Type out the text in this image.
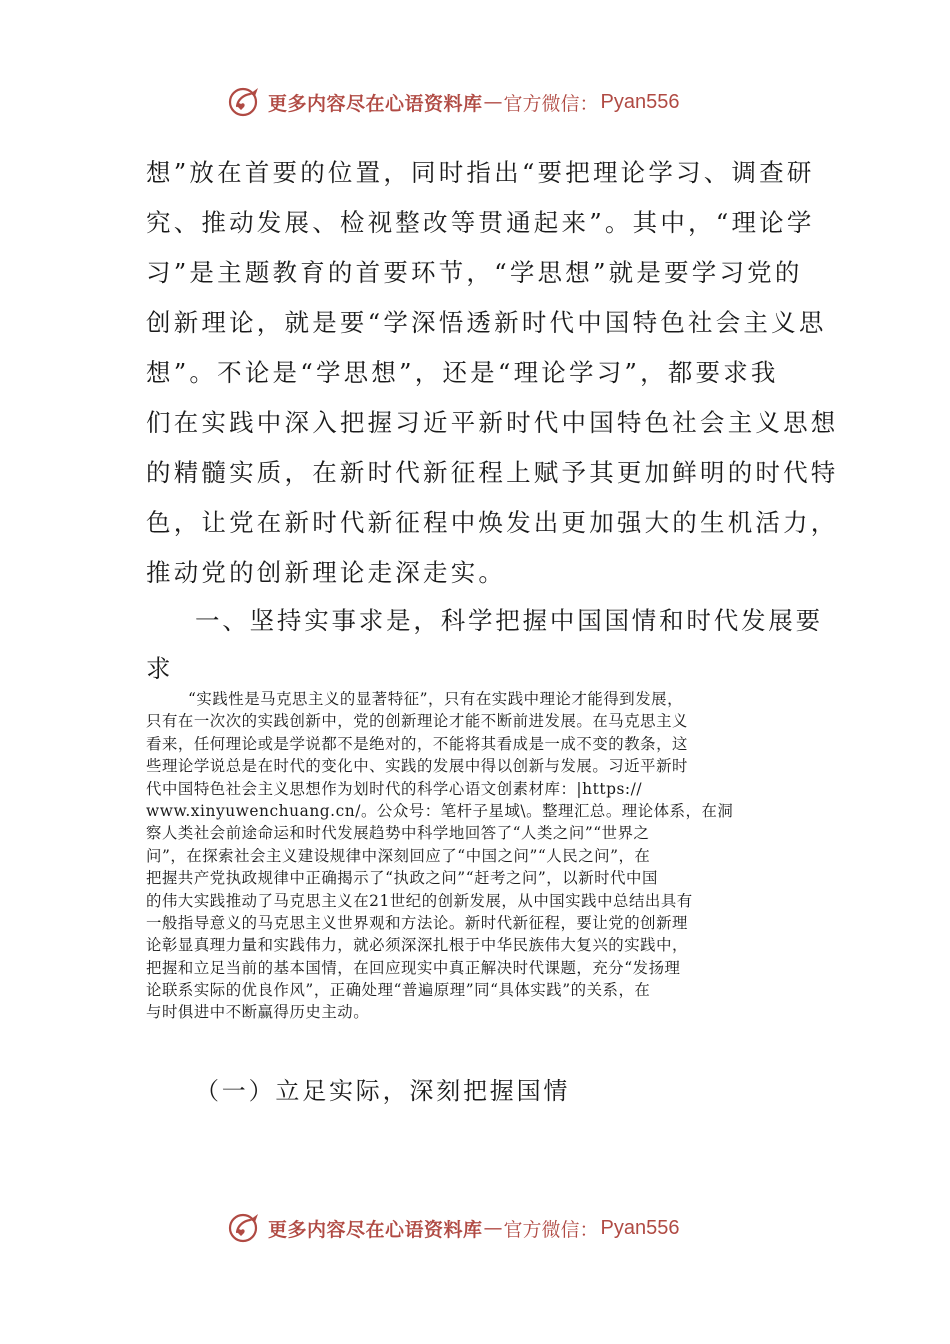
更多内容尽在心语资料库 — 官方微信： Pyan556
想”放在首要的位置，同时指出“要把理论学习、调查研
究、推动发展、检视整改等贯通起来”。其中，“理论学
习”是主题教育的首要环节，“学思想”就是要学习党的
创新理论，就是要“学深悟透新时代中国特色社会主义思
想”。不论是“学思想”，还是“理论学习”，都要求我
们在实践中深入把握习近平新时代中国特色社会主义思想
的精髓实质，在新时代新征程上赋予其更加鲜明的时代特
色，让党在新时代新征程中焕发出更加强大的生机活力，
推动党的创新理论走深走实。
一、坚持实事求是，科学把握中国国情和时代发展要
求
“实践性是马克思主义的显著特征”，只有在实践中理论才能得到发展，
只有在一次次的实践创新中，党的创新理论才能不断前进发展。在马克思主义
看来，任何理论或是学说都不是绝对的，不能将其看成是一成不变的教条，这
些理论学说总是在时代的变化中、实践的发展中得以创新与发展。习近平新时
代中国特色社会主义思想作为划时代的科学心语文创素材库：|https://
www.xinyuwenchuang.cn/。公众号：笔杆子星域\。整理汇总。理论体系，在洞
察人类社会前途命运和时代发展趋势中科学地回答了“人类之问”“世界之
问”，在探索社会主义建设规律中深刻回应了“中国之问”“人民之问”，在
把握共产党执政规律中正确揭示了“执政之问”“赶考之问”，以新时代中国
的伟大实践推动了马克思主义在21世纪的创新发展，从中国实践中总结出具有
一般指导意义的马克思主义世界观和方法论。新时代新征程，要让党的创新理
论彰显真理力量和实践伟力，就必须深深扎根于中华民族伟大复兴的实践中，
把握和立足当前的基本国情，在回应现实中真正解决时代课题，充分“发扬理
论联系实际的优良作风”，正确处理“普遍原理”同“具体实践”的关系，在
与时俱进中不断赢得历史主动。
（一）立足实际，深刻把握国情
更多内容尽在心语资料库 — 官方微信： Pyan556
